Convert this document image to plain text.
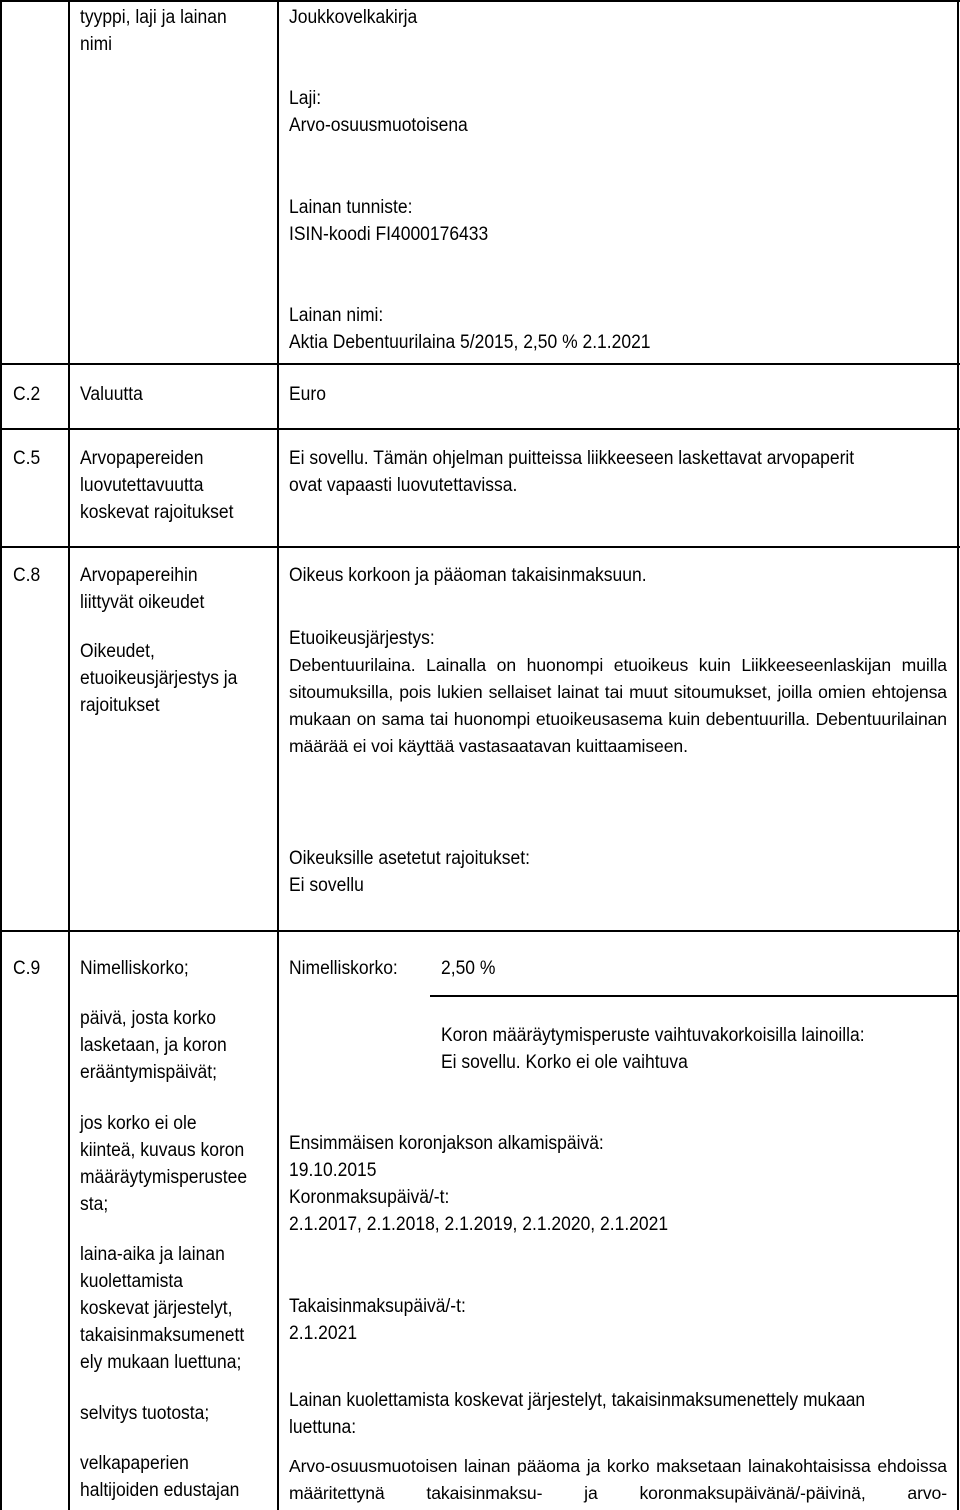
tyyppi, laji ja lainan
nimi
Joukkovelkakirja
Laji:
Arvo-osuusmuotoisena
Lainan tunniste:
ISIN-koodi FI4000176433
Lainan nimi:
Aktia Debentuurilaina 5/2015, 2,50 % 2.1.2021
C.2 Valuutta	Euro
C.5 Arvopapereiden
luovutettavuutta
koskevat rajoitukset
Ei sovellu. Tämän ohjelman puitteissa liikkeeseen laskettavat arvopaperit
ovat vapaasti luovutettavissa.
C.8 Arvopapereihin
liittyvät oikeudet
Oikeudet,
etuoikeusjärjestys ja
rajoitukset
Oikeus korkoon ja pääoman takaisinmaksuun.
Etuoikeusjärjestys:
Debentuurilaina. Lainalla on huonompi etuoikeus kuin Liikkeeseenlaskijan muilla sitoumuksilla, pois lukien sellaiset lainat tai muut sitoumukset, joilla omien ehtojensa mukaan on sama tai huonompi etuoikeusasema kuin debentuurilla. Debentuurilainan määrää ei voi käyttää vastasaatavan kuittaamiseen.
Oikeuksille asetetut rajoitukset:
Ei sovellu
C.9 Nimelliskorko;
päivä, josta korko
lasketaan, ja koron
erääntymispäivät;
jos korko ei ole
kiinteä, kuvaus koron
määräytymisperustee
sta;
laina-aika ja lainan
kuolettamista
koskevat järjestelyt,
takaisinmaksumenett
ely mukaan luettuna;
selvitys tuotosta;
velkapaperien
haltijoiden edustajan
Nimelliskorko: 2,50 %
Koron määräytymisperuste vaihtuvakorkoisilla lainoilla:
Ei sovellu. Korko ei ole vaihtuva
Ensimmäisen koronjakson alkamispäivä:
19.10.2015
Koronmaksupäivä/-t:
2.1.2017, 2.1.2018, 2.1.2019, 2.1.2020, 2.1.2021
Takaisinmaksupäivä/-t:
2.1.2021
Lainan kuolettamista koskevat järjestelyt, takaisinmaksumenettely mukaan
luettuna:
Arvo-osuusmuotoisen lainan pääoma ja korko maksetaan lainakohtaisissa ehdoissa määritettynä takaisinmaksu- ja koronmaksupäivänä/-päivinä, arvo-
